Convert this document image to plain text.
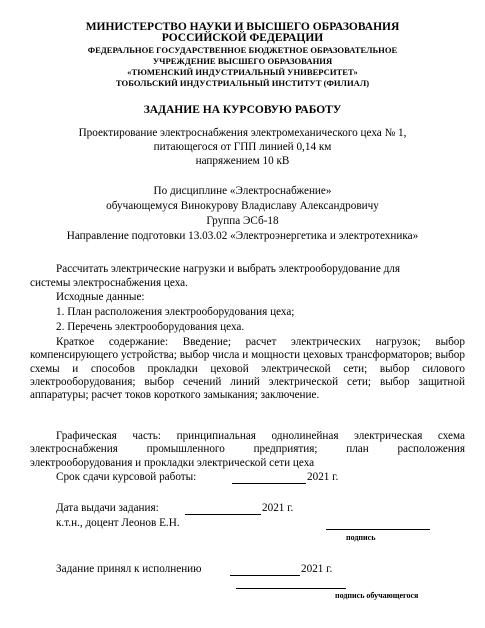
МИНИСТЕРСТВО НАУКИ И ВЫСШЕГО ОБРАЗОВАНИЯ
РОССИЙСКОЙ ФЕДЕРАЦИИ
ФЕДЕРАЛЬНОЕ ГОСУДАРСТВЕННОЕ БЮДЖЕТНОЕ ОБРАЗОВАТЕЛЬНОЕ
УЧРЕЖДЕНИЕ ВЫСШЕГО ОБРАЗОВАНИЯ
«ТЮМЕНСКИЙ ИНДУСТРИАЛЬНЫЙ УНИВЕРСИТЕТ»
ТОБОЛЬСКИЙ ИНДУСТРИАЛЬНЫЙ ИНСТИТУТ (ФИЛИАЛ)
ЗАДАНИЕ НА КУРСОВУЮ РАБОТУ
Проектирование электроснабжения электромеханического цеха № 1,
питающегося от ГПП линией 0,14 км
напряжением 10 кВ
По дисциплине «Электроснабжение»
обучающемуся Винокурову Владиславу Александровичу
Группа ЭСб-18
Направление подготовки 13.03.02 «Электроэнергетика и электротехника»
Рассчитать электрические нагрузки и выбрать электрооборудование для
системы электроснабжения цеха.
Исходные данные:
1. План расположения электрооборудования цеха;
2. Перечень электрооборудования цеха.
Краткое содержание: Введение; расчет электрических нагрузок; выбор компенсирующего устройства; выбор числа и мощности цеховых трансформаторов; выбор схемы и способов прокладки цеховой электрической сети; выбор силового электрооборудования; выбор сечений линий электрической сети; выбор защитной аппаратуры; расчет токов короткого замыкания; заключение.
Графическая часть: принципиальная однолинейная электрическая схема электроснабжения промышленного предприятия; план расположения электрооборудования и прокладки электрической сети цеха
Срок сдачи курсовой работы:	2021 г.
Дата выдачи задания:	2021 г.
к.т.н., доцент Леонов Е.Н.
подпись
Задание принял к исполнению	2021 г.
подпись обучающегося
